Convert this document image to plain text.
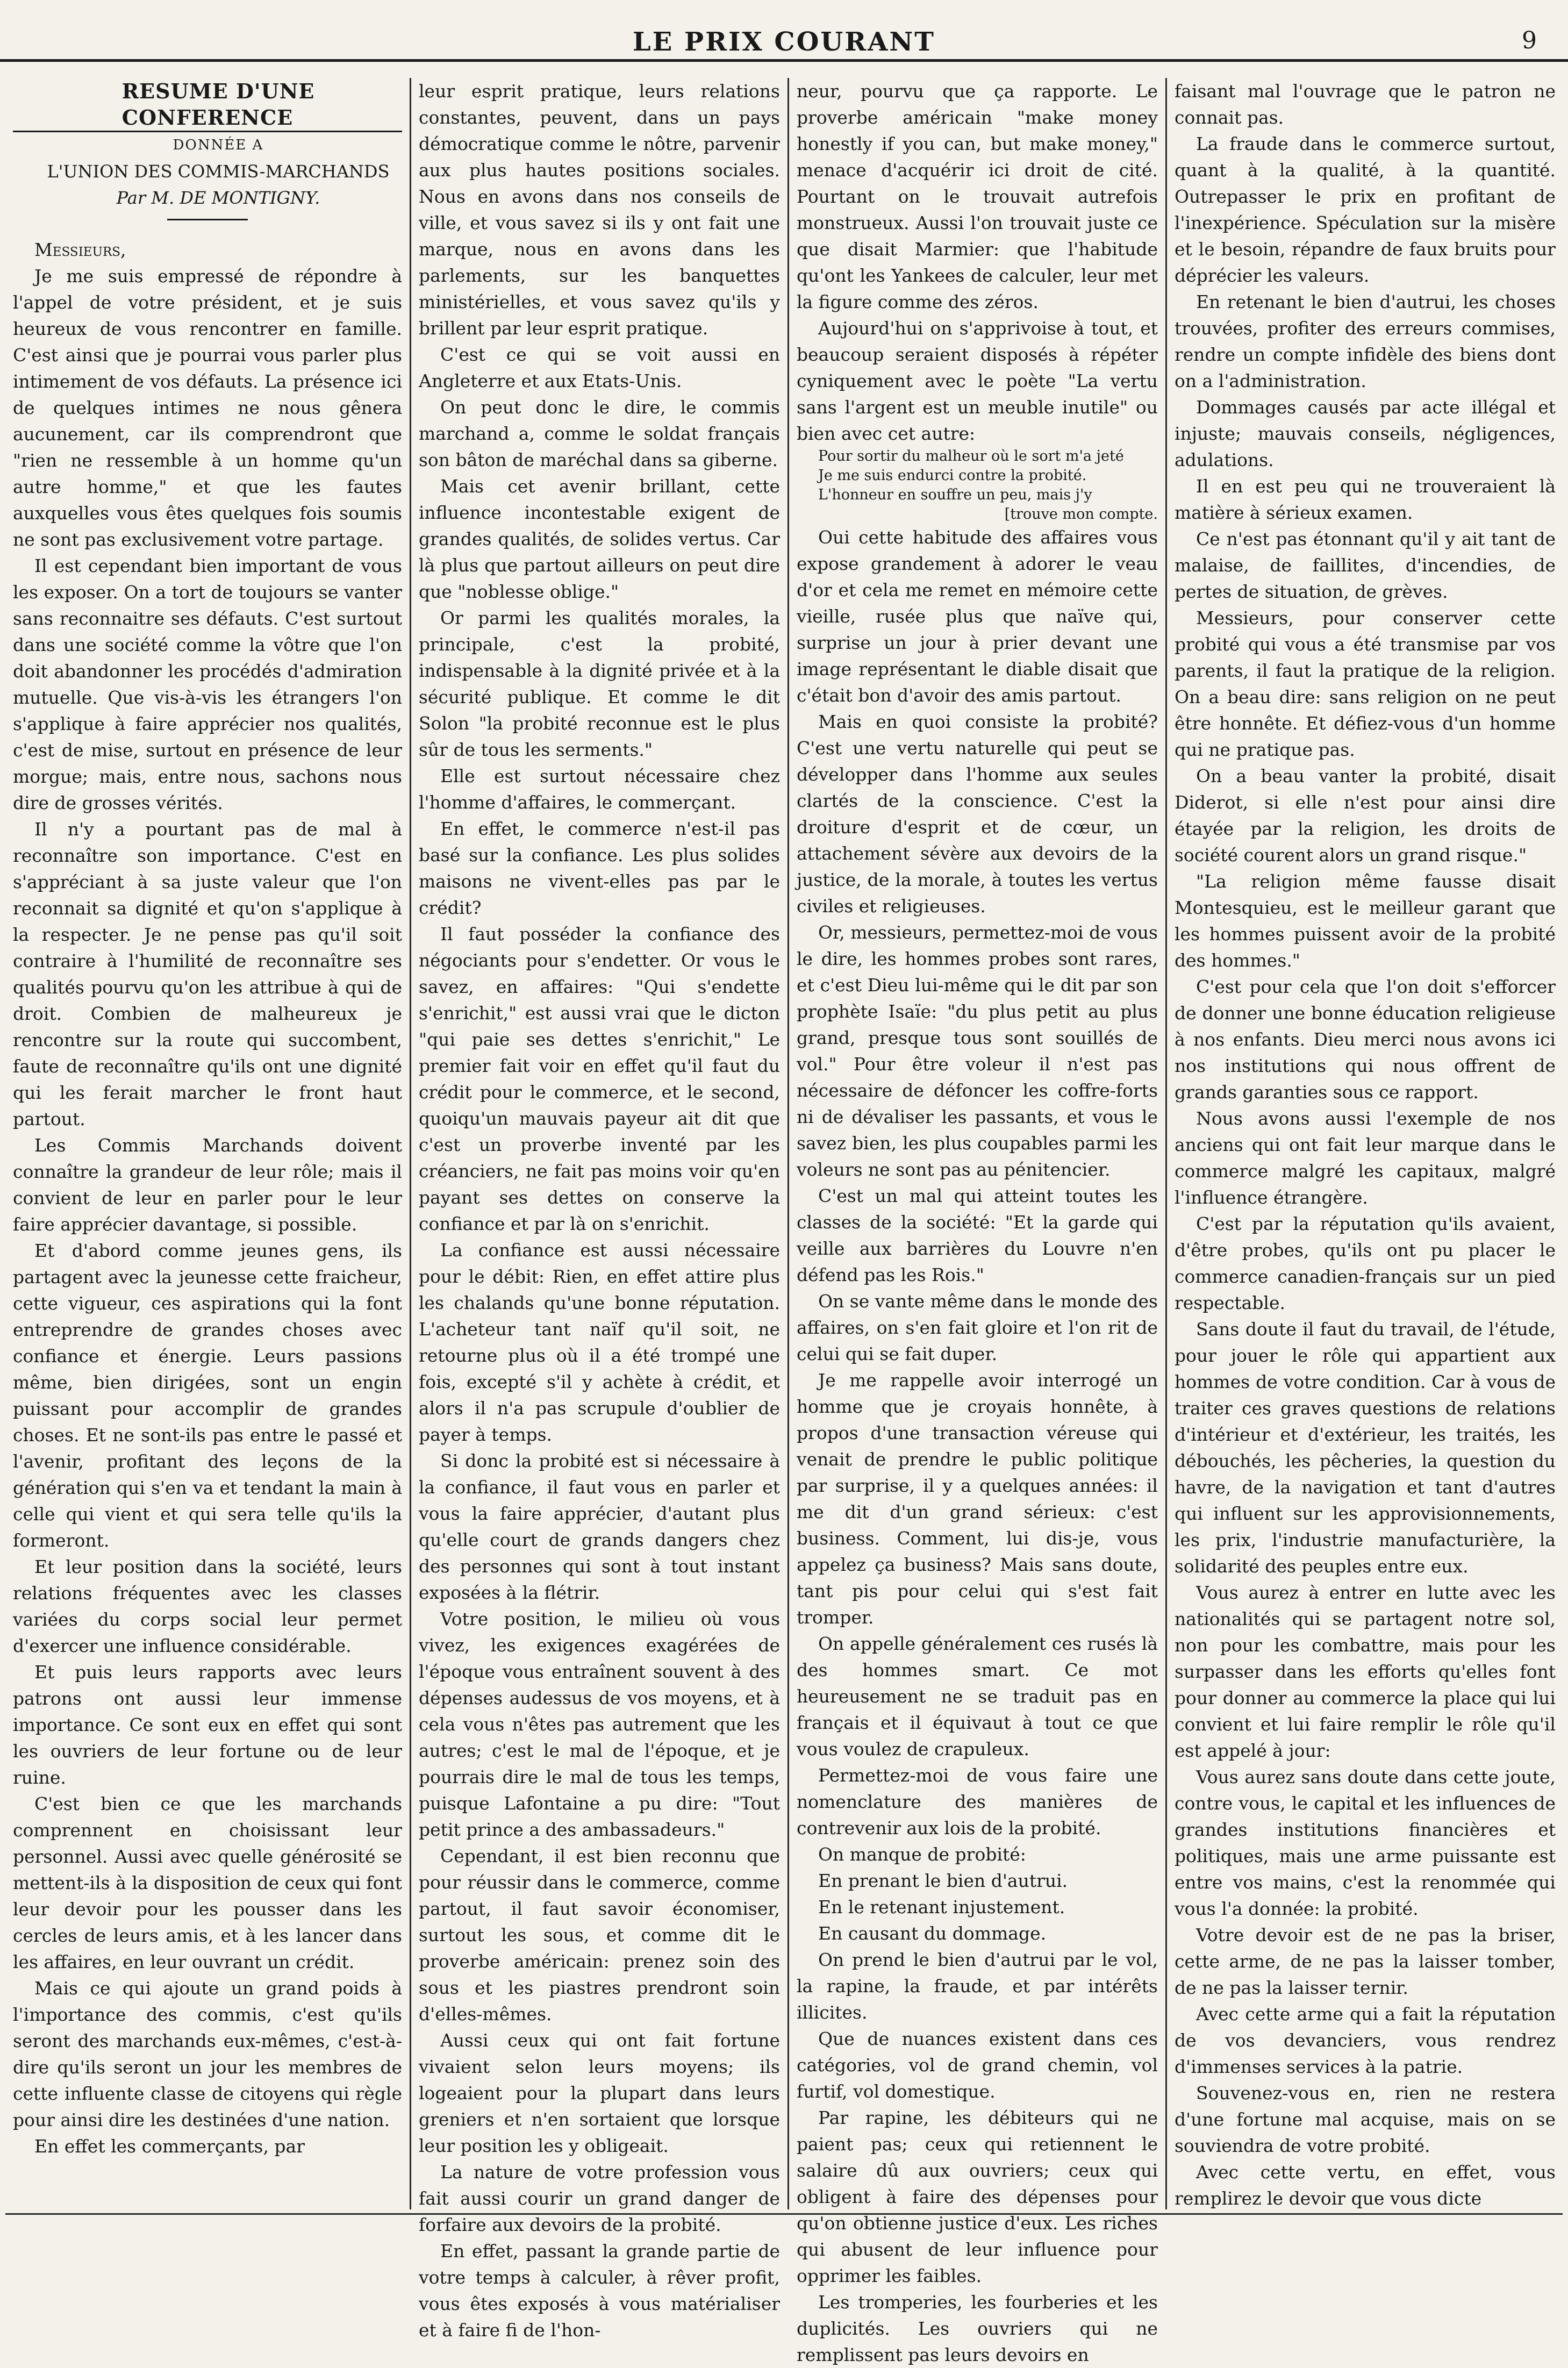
LE PRIX COURANT	9

RESUME D'UNE CONFERENCE

DONNÉE A

L'UNION DES COMMIS-MARCHANDS

Par M. DE MONTIGNY.

Messieurs,

Je me suis empressé de répondre à l'appel de votre président, et je suis heureux de vous rencontrer en famille. C'est ainsi que je pourrai vous parler plus intimement de vos défauts. La présence ici de quelques intimes ne nous gênera aucunement, car ils comprendront que "rien ne ressemble à un homme qu'un autre homme," et que les fautes auxquelles vous êtes quelques fois soumis ne sont pas exclusivement votre partage.

Il est cependant bien important de vous les exposer. On a tort de toujours se vanter sans reconnaitre ses défauts. C'est surtout dans une société comme la vôtre que l'on doit abandonner les procédés d'admiration mutuelle. Que vis-à-vis les étrangers l'on s'applique à faire apprécier nos qualités, c'est de mise, surtout en présence de leur morgue; mais, entre nous, sachons nous dire de grosses vérités.

Il n'y a pourtant pas de mal à reconnaître son importance. C'est en s'appréciant à sa juste valeur que l'on reconnait sa dignité et qu'on s'applique à la respecter. Je ne pense pas qu'il soit contraire à l'humilité de reconnaître ses qualités pourvu qu'on les attribue à qui de droit. Combien de malheureux je rencontre sur la route qui succombent, faute de reconnaître qu'ils ont une dignité qui les ferait marcher le front haut partout.

Les Commis Marchands doivent connaître la grandeur de leur rôle; mais il convient de leur en parler pour le leur faire apprécier davantage, si possible.

Et d'abord comme jeunes gens, ils partagent avec la jeunesse cette fraicheur, cette vigueur, ces aspirations qui la font entreprendre de grandes choses avec confiance et énergie. Leurs passions même, bien dirigées, sont un engin puissant pour accomplir de grandes choses. Et ne sont-ils pas entre le passé et l'avenir, profitant des leçons de la génération qui s'en va et tendant la main à celle qui vient et qui sera telle qu'ils la formeront.

Et leur position dans la société, leurs relations fréquentes avec les classes variées du corps social leur permet d'exercer une influence considérable.

Et puis leurs rapports avec leurs patrons ont aussi leur immense importance. Ce sont eux en effet qui sont les ouvriers de leur fortune ou de leur ruine.

C'est bien ce que les marchands comprennent en choisissant leur personnel. Aussi avec quelle générosité se mettent-ils à la disposition de ceux qui font leur devoir pour les pousser dans les cercles de leurs amis, et à les lancer dans les affaires, en leur ouvrant un crédit.

Mais ce qui ajoute un grand poids à l'importance des commis, c'est qu'ils seront des marchands eux-mêmes, c'est-à-dire qu'ils seront un jour les membres de cette influente classe de citoyens qui règle pour ainsi dire les destinées d'une nation.

En effet les commerçants, par

leur esprit pratique, leurs relations constantes, peuvent, dans un pays démocratique comme le nôtre, parvenir aux plus hautes positions sociales. Nous en avons dans nos conseils de ville, et vous savez si ils y ont fait une marque, nous en avons dans les parlements, sur les banquettes ministérielles, et vous savez qu'ils y brillent par leur esprit pratique.

C'est ce qui se voit aussi en Angleterre et aux Etats-Unis.

On peut donc le dire, le commis marchand a, comme le soldat français son bâton de maréchal dans sa giberne.

Mais cet avenir brillant, cette influence incontestable exigent de grandes qualités, de solides vertus. Car là plus que partout ailleurs on peut dire que "noblesse oblige."

Or parmi les qualités morales, la principale, c'est la probité, indispensable à la dignité privée et à la sécurité publique. Et comme le dit Solon "la probité reconnue est le plus sûr de tous les serments."

Elle est surtout nécessaire chez l'homme d'affaires, le commerçant.

En effet, le commerce n'est-il pas basé sur la confiance. Les plus solides maisons ne vivent-elles pas par le crédit?

Il faut posséder la confiance des négociants pour s'endetter. Or vous le savez, en affaires: "Qui s'endette s'enrichit," est aussi vrai que le dicton "qui paie ses dettes s'enrichit," Le premier fait voir en effet qu'il faut du crédit pour le commerce, et le second, quoiqu'un mauvais payeur ait dit que c'est un proverbe inventé par les créanciers, ne fait pas moins voir qu'en payant ses dettes on conserve la confiance et par là on s'enrichit.

La confiance est aussi nécessaire pour le débit: Rien, en effet attire plus les chalands qu'une bonne réputation. L'acheteur tant naïf qu'il soit, ne retourne plus où il a été trompé une fois, excepté s'il y achète à crédit, et alors il n'a pas scrupule d'oublier de payer à temps.

Si donc la probité est si nécessaire à la confiance, il faut vous en parler et vous la faire apprécier, d'autant plus qu'elle court de grands dangers chez des personnes qui sont à tout instant exposées à la flétrir.

Votre position, le milieu où vous vivez, les exigences exagérées de l'époque vous entraînent souvent à des dépenses audessus de vos moyens, et à cela vous n'êtes pas autrement que les autres; c'est le mal de l'époque, et je pourrais dire le mal de tous les temps, puisque Lafontaine a pu dire: "Tout petit prince a des ambassadeurs."

Cependant, il est bien reconnu que pour réussir dans le commerce, comme partout, il faut savoir économiser, surtout les sous, et comme dit le proverbe américain: prenez soin des sous et les piastres prendront soin d'elles-mêmes.

Aussi ceux qui ont fait fortune vivaient selon leurs moyens; ils logeaient pour la plupart dans leurs greniers et n'en sortaient que lorsque leur position les y obligeait.

La nature de votre profession vous fait aussi courir un grand danger de forfaire aux devoirs de la probité.

En effet, passant la grande partie de votre temps à calculer, à rêver profit, vous êtes exposés à vous matérialiser et à faire fi de l'hon-

neur, pourvu que ça rapporte. Le proverbe américain "make money honestly if you can, but make money," menace d'acquérir ici droit de cité. Pourtant on le trouvait autrefois monstrueux. Aussi l'on trouvait juste ce que disait Marmier: que l'habitude qu'ont les Yankees de calculer, leur met la figure comme des zéros.

Aujourd'hui on s'apprivoise à tout, et beaucoup seraient disposés à répéter cyniquement avec le poète "La vertu sans l'argent est un meuble inutile" ou bien avec cet autre:

Pour sortir du malheur où le sort m'a jeté

Je me suis endurci contre la probité.

L'honneur en souffre un peu, mais j'y

[trouve mon compte.

Oui cette habitude des affaires vous expose grandement à adorer le veau d'or et cela me remet en mémoire cette vieille, rusée plus que naïve qui, surprise un jour à prier devant une image représentant le diable disait que c'était bon d'avoir des amis partout.

Mais en quoi consiste la probité? C'est une vertu naturelle qui peut se développer dans l'homme aux seules clartés de la conscience. C'est la droiture d'esprit et de cœur, un attachement sévère aux devoirs de la justice, de la morale, à toutes les vertus civiles et religieuses.

Or, messieurs, permettez-moi de vous le dire, les hommes probes sont rares, et c'est Dieu lui-même qui le dit par son prophète Isaïe: "du plus petit au plus grand, presque tous sont souillés de vol." Pour être voleur il n'est pas nécessaire de défoncer les coffre-forts ni de dévaliser les passants, et vous le savez bien, les plus coupables parmi les voleurs ne sont pas au pénitencier.

C'est un mal qui atteint toutes les classes de la société: "Et la garde qui veille aux barrières du Louvre n'en défend pas les Rois."

On se vante même dans le monde des affaires, on s'en fait gloire et l'on rit de celui qui se fait duper.

Je me rappelle avoir interrogé un homme que je croyais honnête, à propos d'une transaction véreuse qui venait de prendre le public politique par surprise, il y a quelques années: il me dit d'un grand sérieux: c'est business. Comment, lui dis-je, vous appelez ça business? Mais sans doute, tant pis pour celui qui s'est fait tromper.

On appelle généralement ces rusés là des hommes smart. Ce mot heureusement ne se traduit pas en français et il équivaut à tout ce que vous voulez de crapuleux.

Permettez-moi de vous faire une nomenclature des manières de contrevenir aux lois de la probité.

On manque de probité:

En prenant le bien d'autrui.

En le retenant injustement.

En causant du dommage.

On prend le bien d'autrui par le vol, la rapine, la fraude, et par intérêts illicites.

Que de nuances existent dans ces catégories, vol de grand chemin, vol furtif, vol domestique.

Par rapine, les débiteurs qui ne paient pas; ceux qui retiennent le salaire dû aux ouvriers; ceux qui obligent à faire des dépenses pour qu'on obtienne justice d'eux. Les riches qui abusent de leur influence pour opprimer les faibles.

Les tromperies, les fourberies et les duplicités. Les ouvriers qui ne remplissent pas leurs devoirs en

faisant mal l'ouvrage que le patron ne connait pas.

La fraude dans le commerce surtout, quant à la qualité, à la quantité. Outrepasser le prix en profitant de l'inexpérience. Spéculation sur la misère et le besoin, répandre de faux bruits pour déprécier les valeurs.

En retenant le bien d'autrui, les choses trouvées, profiter des erreurs commises, rendre un compte infidèle des biens dont on a l'administration.

Dommages causés par acte illégal et injuste; mauvais conseils, négligences, adulations.

Il en est peu qui ne trouveraient là matière à sérieux examen.

Ce n'est pas étonnant qu'il y ait tant de malaise, de faillites, d'incendies, de pertes de situation, de grèves.

Messieurs, pour conserver cette probité qui vous a été transmise par vos parents, il faut la pratique de la religion. On a beau dire: sans religion on ne peut être honnête. Et défiez-vous d'un homme qui ne pratique pas.

On a beau vanter la probité, disait Diderot, si elle n'est pour ainsi dire étayée par la religion, les droits de société courent alors un grand risque."

"La religion même fausse disait Montesquieu, est le meilleur garant que les hommes puissent avoir de la probité des hommes."

C'est pour cela que l'on doit s'efforcer de donner une bonne éducation religieuse à nos enfants. Dieu merci nous avons ici nos institutions qui nous offrent de grands garanties sous ce rapport.

Nous avons aussi l'exemple de nos anciens qui ont fait leur marque dans le commerce malgré les capitaux, malgré l'influence étrangère.

C'est par la réputation qu'ils avaient, d'être probes, qu'ils ont pu placer le commerce canadien-français sur un pied respectable.

Sans doute il faut du travail, de l'étude, pour jouer le rôle qui appartient aux hommes de votre condition. Car à vous de traiter ces graves questions de relations d'intérieur et d'extérieur, les traités, les débouchés, les pêcheries, la question du havre, de la navigation et tant d'autres qui influent sur les approvisionnements, les prix, l'industrie manufacturière, la solidarité des peuples entre eux.

Vous aurez à entrer en lutte avec les nationalités qui se partagent notre sol, non pour les combattre, mais pour les surpasser dans les efforts qu'elles font pour donner au commerce la place qui lui convient et lui faire remplir le rôle qu'il est appelé à jour:

Vous aurez sans doute dans cette joute, contre vous, le capital et les influences de grandes institutions financières et politiques, mais une arme puissante est entre vos mains, c'est la renommée qui vous l'a donnée: la probité.

Votre devoir est de ne pas la briser, cette arme, de ne pas la laisser tomber, de ne pas la laisser ternir.

Avec cette arme qui a fait la réputation de vos devanciers, vous rendrez d'immenses services à la patrie.

Souvenez-vous en, rien ne restera d'une fortune mal acquise, mais on se souviendra de votre probité.

Avec cette vertu, en effet, vous remplirez le devoir que vous dicte
